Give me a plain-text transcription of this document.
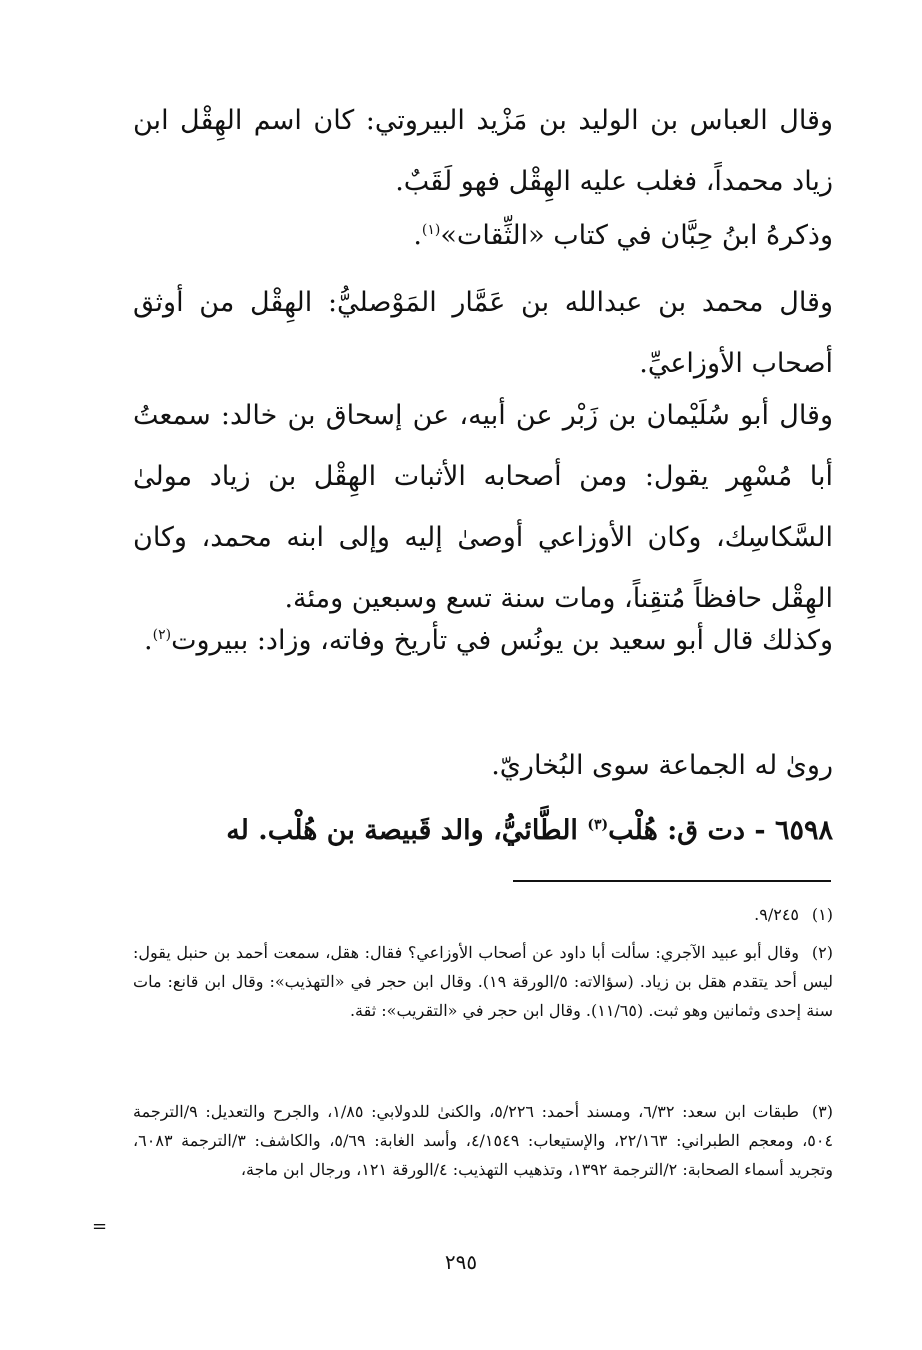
وقال العباس بن الوليد بن مَزْيد البيروتي: كان اسم الهِقْل ابن زياد محمداً، فغلب عليه الهِقْل فهو لَقَبٌ.

وذكرهُ ابنُ حِبَّان في كتاب «الثِّقات»$^{(١)}$.

وقال محمد بن عبدالله بن عَمَّار المَوْصليُّ: الهِقْل من أوثق أصحاب الأوزاعيِّ.

وقال أبو سُلَيْمان بن زَبْر عن أبيه، عن إسحاق بن خالد: سمعتُ أبا مُسْهِر يقول: ومن أصحابه الأثبات الهِقْل بن زياد مولىٰ السَّكاسِك، وكان الأوزاعي أوصىٰ إليه وإلى ابنه محمد، وكان الهِقْل حافظاً مُتقِناً، ومات سنة تسع وسبعين ومئة.

وكذلك قال أبو سعيد بن يونُس في تأريخ وفاته، وزاد: ببيروت$^{(٢)}$.

روىٰ له الجماعة سوى البُخاريّ.

٦٥٩٨ - دت ق: هُلْب$^{(٣)}$ الطَّائيُّ، والد قَبيصة بن هُلْب. له

(١)٩/٢٤٥.

(٢)وقال أبو عبيد الآجري: سألت أبا داود عن أصحاب الأوزاعي؟ فقال: هقل، سمعت أحمد بن حنبل يقول: ليس أحد يتقدم هقل بن زياد. (سؤالاته: ٥/الورقة ١٩). وقال ابن حجر في «التهذيب»: وقال ابن قانع: مات سنة إحدى وثمانين وهو ثبت. (١١/٦٥). وقال ابن حجر في «التقريب»: ثقة.

(٣)طبقات ابن سعد: ٦/٣٢، ومسند أحمد: ٥/٢٢٦، والكنىٰ للدولابي: ١/٨٥، والجرح والتعديل: ٩/الترجمة ٥٠٤، ومعجم الطبراني: ٢٢/١٦٣، والإستيعاب: ٤/١٥٤٩، وأسد الغابة: ٥/٦٩، والكاشف: ٣/الترجمة ٦٠٨٣، وتجريد أسماء الصحابة: ٢/الترجمة ١٣٩٢، وتذهيب التهذيب: ٤/الورقة ١٢١، ورجال ابن ماجة،

=
٢٩٥
